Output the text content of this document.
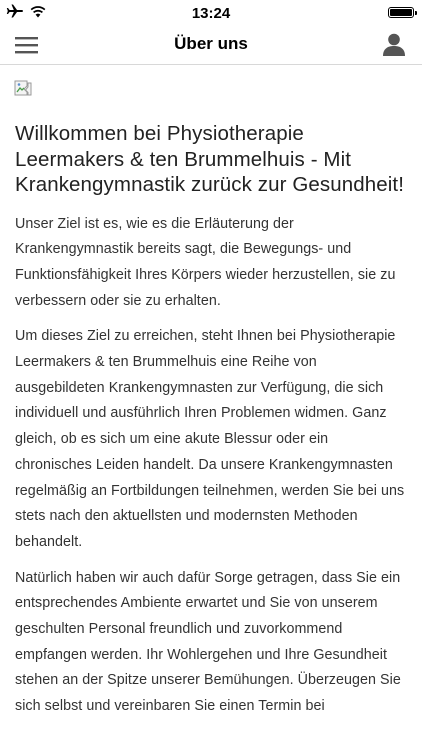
13:24
Über uns
Willkommen bei Physiotherapie Leermakers & ten Brummelhuis - Mit Krankengymnastik zurück zur Gesundheit!

Unser Ziel ist es, wie es die Erläuterung der Krankengymnastik bereits sagt, die Bewegungs- und Funktionsfähigkeit Ihres Körpers wieder herzustellen, sie zu verbessern oder sie zu erhalten.

Um dieses Ziel zu erreichen, steht Ihnen bei Physiotherapie Leermakers & ten Brummelhuis eine Reihe von ausgebildeten Krankengymnasten zur Verfügung, die sich individuell und ausführlich Ihren Problemen widmen. Ganz gleich, ob es sich um eine akute Blessur oder ein chronisches Leiden handelt. Da unsere Krankengymnasten regelmäßig an Fortbildungen teilnehmen, werden Sie bei uns stets nach den aktuellsten und modernsten Methoden behandelt.

Natürlich haben wir auch dafür Sorge getragen, dass Sie ein entsprechendes Ambiente erwartet und Sie von unserem geschulten Personal freundlich und zuvorkommend empfangen werden. Ihr Wohlergehen und Ihre Gesundheit stehen an der Spitze unserer Bemühungen. Überzeugen Sie sich selbst und vereinbaren Sie einen Termin bei
